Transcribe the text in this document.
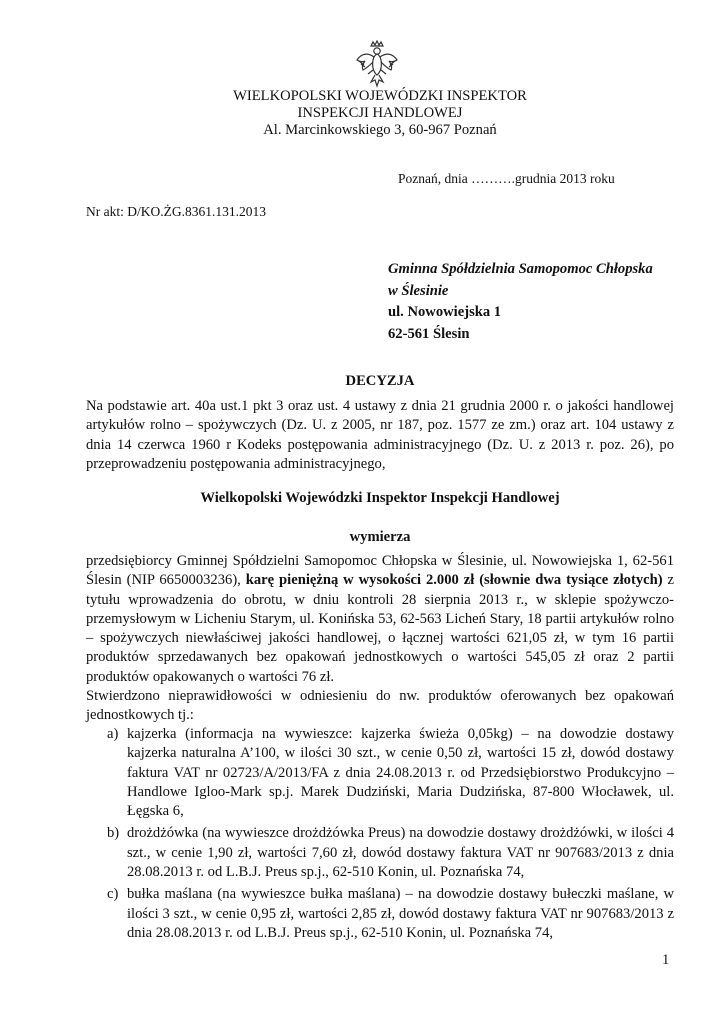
WIELKOPOLSKI WOJEWÓDZKI INSPEKTOR
INSPEKCJI HANDLOWEJ
Al. Marcinkowskiego 3, 60-967 Poznań
Poznań, dnia ……….grudnia 2013 roku
Nr akt: D/KO.ŻG.8361.131.2013
Gminna Spółdzielnia Samopomoc Chłopska
w Ślesinie
ul. Nowowiejska 1
62-561 Ślesin
DECYZJA
Na podstawie art. 40a ust.1 pkt 3 oraz ust. 4 ustawy z dnia 21 grudnia 2000 r. o jakości handlowej artykułów rolno – spożywczych (Dz. U. z 2005, nr 187, poz. 1577 ze zm.) oraz art. 104 ustawy z dnia 14 czerwca 1960 r Kodeks postępowania administracyjnego (Dz. U. z 2013 r. poz. 26), po przeprowadzeniu postępowania administracyjnego,
Wielkopolski Wojewódzki Inspektor Inspekcji Handlowej
wymierza
przedsiębiorcy Gminnej Spółdzielni Samopomoc Chłopska w Ślesinie, ul. Nowowiejska 1, 62-561 Ślesin (NIP 6650003236), karę pieniężną w wysokości 2.000 zł (słownie dwa tysiące złotych) z tytułu wprowadzenia do obrotu, w dniu kontroli 28 sierpnia 2013 r., w sklepie spożywczo- przemysłowym w Licheniu Starym, ul. Konińska 53, 62-563 Licheń Stary, 18 partii artykułów rolno – spożywczych niewłaściwej jakości handlowej, o łącznej wartości 621,05 zł, w tym 16 partii produktów sprzedawanych bez opakowań jednostkowych o wartości 545,05 zł oraz 2 partii produktów opakowanych o wartości 76 zł.
Stwierdzono nieprawidłowości w odniesieniu do nw. produktów oferowanych bez opakowań jednostkowych tj.:
a) kajzerka (informacja na wywieszce: kajzerka świeża 0,05kg) – na dowodzie dostawy kajzerka naturalna A’100, w ilości 30 szt., w cenie 0,50 zł, wartości 15 zł, dowód dostawy faktura VAT nr 02723/A/2013/FA z dnia 24.08.2013 r. od Przedsiębiorstwo Produkcyjno – Handlowe Igloo-Mark sp.j. Marek Dudziński, Maria Dudzińska, 87-800 Włocławek, ul. Łęgska 6,
b) drożdżówka (na wywieszce drożdżówka Preus) na dowodzie dostawy drożdżówki, w ilości 4 szt., w cenie 1,90 zł, wartości 7,60 zł, dowód dostawy faktura VAT nr 907683/2013 z dnia 28.08.2013 r. od L.B.J. Preus sp.j., 62-510 Konin, ul. Poznańska 74,
c) bułka maślana (na wywieszce bułka maślana) – na dowodzie dostawy bułeczki maślane, w ilości 3 szt., w cenie 0,95 zł, wartości 2,85 zł, dowód dostawy faktura VAT nr 907683/2013 z dnia 28.08.2013 r. od L.B.J. Preus sp.j., 62-510 Konin, ul. Poznańska 74,
1
